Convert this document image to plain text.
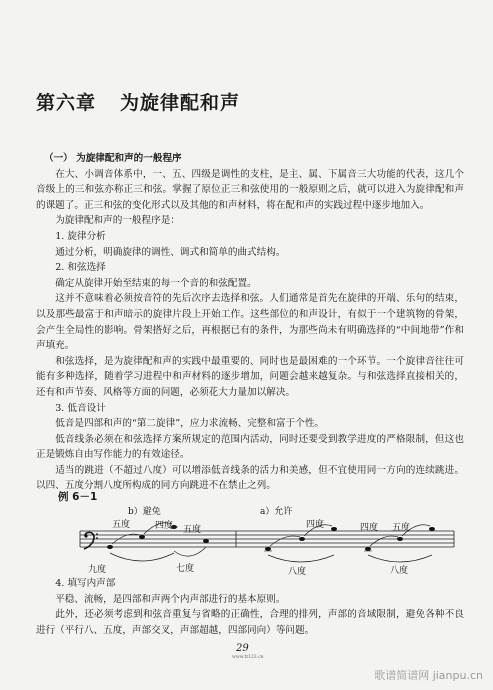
第六章 为旋律配和声

（一） 为旋律配和声的一般程序

在大、小调音体系中，一、五、四级是调性的支柱，是主、属、下属音三大功能的代表，这几个音级上的三和弦亦称正三和弦。掌握了原位正三和弦使用的一般原则之后，就可以进入为旋律配和声的课题了。正三和弦的变化形式以及其他的和声材料，将在配和声的实践过程中逐步地加入。

为旋律配和声的一般程序是：

1. 旋律分析

通过分析，明确旋律的调性、调式和简单的曲式结构。

2. 和弦选择

确定从旋律开始至结束的每一个音的和弦配置。

这并不意味着必须按音符的先后次序去选择和弦。人们通常是首先在旋律的开端、乐句的结束，以及那些最富于和声暗示的旋律片段上开始工作。这些部位的和声设计，有似于一个建筑物的骨架，会产生全局性的影响。骨架搭好之后，再根据已有的条件，为那些尚未有明确选择的“中间地带”作和声填充。

和弦选择，是为旋律配和声的实践中最重要的、同时也是最困难的一个环节。一个旋律音往往可能有多种选择，随着学习进程中和声材料的逐步增加，问题会越来越复杂。与和弦选择直接相关的，还有和声节奏、风格等方面的问题，必须花大力量加以解决。

3. 低音设计

低音是四部和声的“第二旋律”，应力求流畅、完整和富于个性。

低音线条必须在和弦选择方案所规定的范围内活动，同时还要受到教学进度的严格限制，但这也正是锻炼自由写作能力的有效途径。

适当的跳进（不超过八度）可以增添低音线条的活力和美感，但不宜使用同一方向的连续跳进。以四、五度分割八度所构成的同方向跳进不在禁止之列。

例 6－1
b）避免	a）允许
五度	四度 五度	四度	四度 五度
九度	七度	八度	八度

4. 填写内声部

平稳、流畅，是四部和声两个内声部进行的基本原则。

此外，还必须考虑到和弦音重复与省略的正确性，合理的排列，声部的音域限制，避免各种不良进行（平行八、五度，声部交叉，声部超越，四部同向）等问题。

29
www.tt123.cn
歌谱简谱网 jianpu.cn
